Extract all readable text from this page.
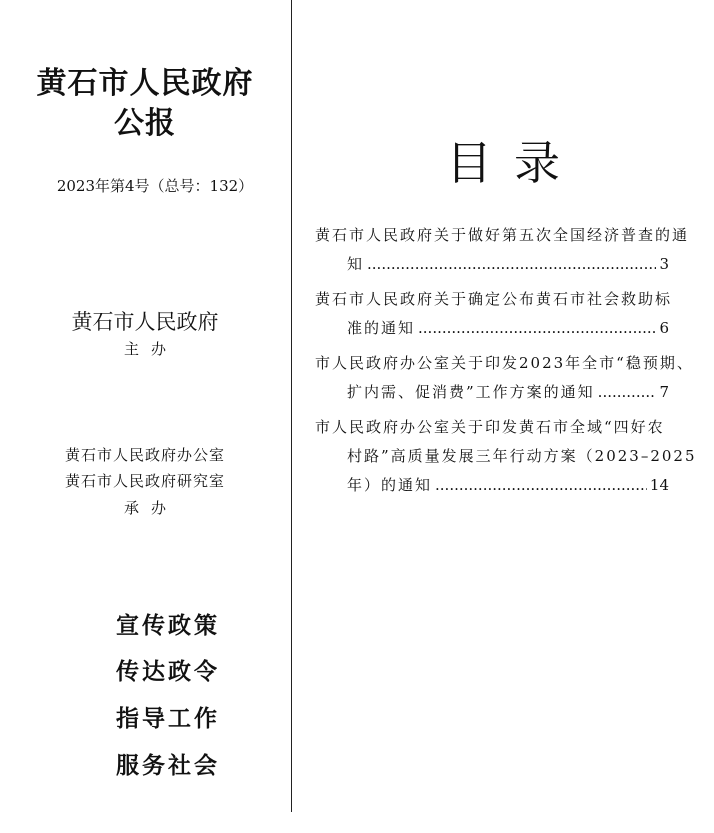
黄石市人民政府
公报
2023年第4号（总号：132）
黄石市人民政府
主办
黄石市人民政府办公室
黄石市人民政府研究室
承办
宣传政策
传达政令
指导工作
服务社会
目录
黄石市人民政府关于做好第五次全国经济普查的通
知 .....	3
黄石市人民政府关于确定公布黄石市社会救助标
准的通知 .....	6
市人民政府办公室关于印发2023年全市“稳预期、
扩内需、促消费”工作方案的通知 .....	7
市人民政府办公室关于印发黄石市全域“四好农
村路”高质量发展三年行动方案（2023–2025
年）的通知 .....	14
